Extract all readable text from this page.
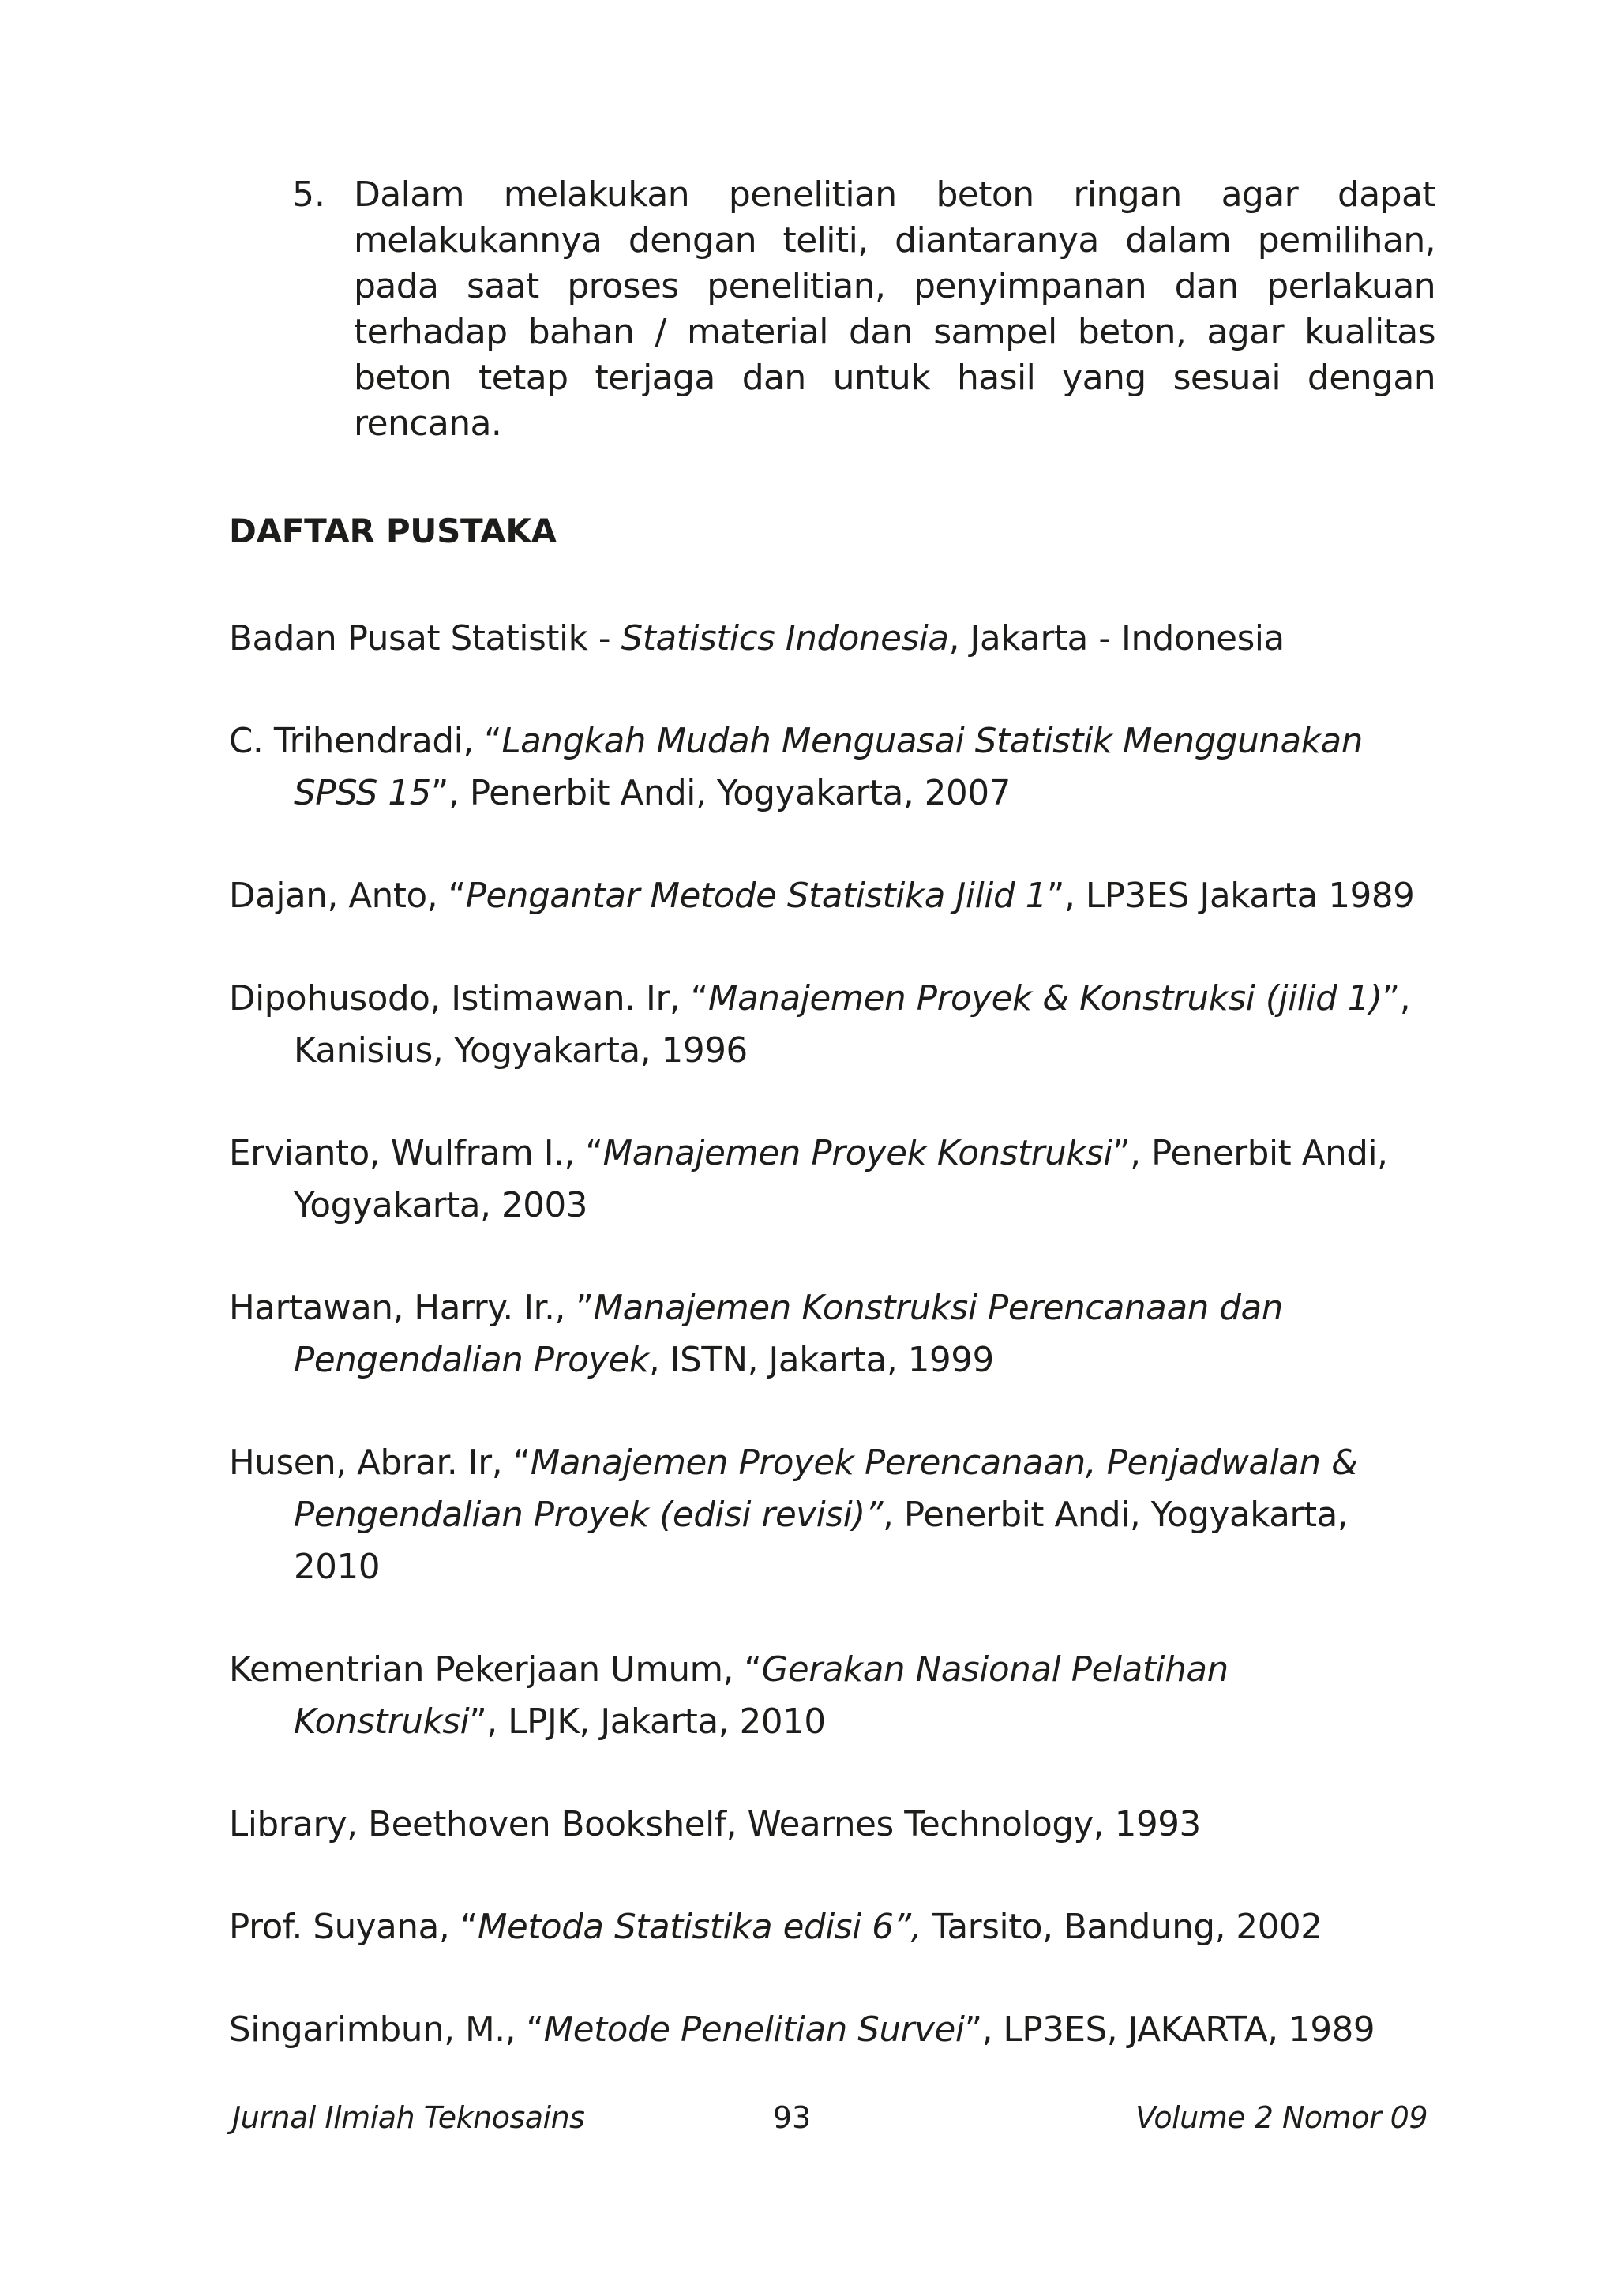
5. Dalam melakukan penelitian beton ringan agar dapat melakukannya dengan teliti, diantaranya dalam pemilihan, pada saat proses penelitian, penyimpanan dan perlakuan terhadap bahan / material dan sampel beton, agar kualitas beton tetap terjaga dan untuk hasil yang sesuai dengan rencana.
DAFTAR PUSTAKA

Badan Pusat Statistik - Statistics Indonesia, Jakarta - Indonesia

C. Trihendradi, “Langkah Mudah Menguasai Statistik Menggunakan SPSS 15”, Penerbit Andi, Yogyakarta, 2007

Dajan, Anto, “Pengantar Metode Statistika Jilid 1”, LP3ES Jakarta 1989

Dipohusodo, Istimawan. Ir, “Manajemen Proyek & Konstruksi (jilid 1)”, Kanisius, Yogyakarta, 1996

Ervianto, Wulfram I., “Manajemen Proyek Konstruksi”, Penerbit Andi, Yogyakarta, 2003

Hartawan, Harry. Ir., ”Manajemen Konstruksi Perencanaan dan Pengendalian Proyek, ISTN, Jakarta, 1999

Husen, Abrar. Ir, “Manajemen Proyek Perencanaan, Penjadwalan & Pengendalian Proyek (edisi revisi)”, Penerbit Andi, Yogyakarta, 2010

Kementrian Pekerjaan Umum, “Gerakan Nasional Pelatihan Konstruksi”, LPJK, Jakarta, 2010

Library, Beethoven Bookshelf, Wearnes Technology, 1993

Prof. Suyana, “Metoda Statistika edisi 6”, Tarsito, Bandung, 2002

Singarimbun, M., “Metode Penelitian Survei”, LP3ES, JAKARTA, 1989

Jurnal Ilmiah Teknosains	93	Volume 2 Nomor 09
